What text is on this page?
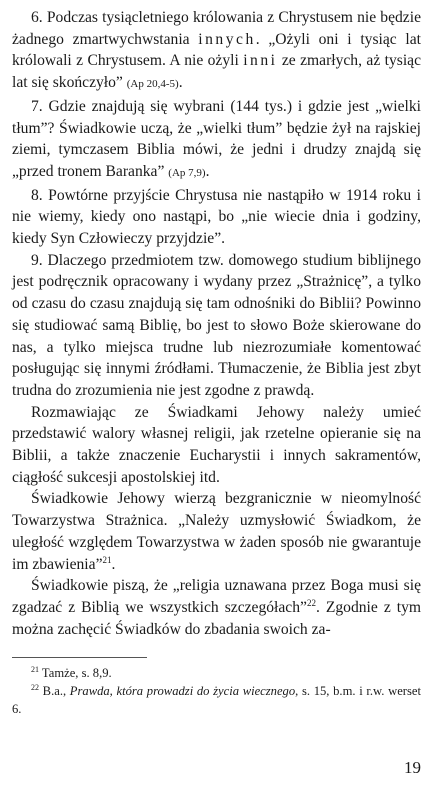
6. Podczas tysiącletniego królowania z Chrystusem nie będzie żadnego zmartwychwstania innych. „Ożyli oni i tysiąc lat królowali z Chrystusem. A nie ożyli inni ze zmarłych, aż tysiąc lat się skończyło” (Ap 20,4-5).

7. Gdzie znajdują się wybrani (144 tys.) i gdzie jest „wielki tłum”? Świadkowie uczą, że „wielki tłum” będzie żył na rajskiej ziemi, tymczasem Biblia mówi, że jedni i drudzy znajdą się „przed tronem Baranka” (Ap 7,9).

8. Powtórne przyjście Chrystusa nie nastąpiło w 1914 roku i nie wiemy, kiedy ono nastąpi, bo „nie wiecie dnia i godziny, kiedy Syn Człowieczy przyjdzie”.

9. Dlaczego przedmiotem tzw. domowego studium biblijnego jest podręcznik opracowany i wydany przez „Strażnicę”, a tylko od czasu do czasu znajdują się tam odnośniki do Biblii? Powinno się studiować samą Biblię, bo jest to słowo Boże skierowane do nas, a tylko miejsca trudne lub niezrozumiałe komentować posługując się innymi źródłami. Tłumaczenie, że Biblia jest zbyt trudna do zrozumienia nie jest zgodne z prawdą.

Rozmawiając ze Świadkami Jehowy należy umieć przedstawić walory własnej religii, jak rzetelne opieranie się na Biblii, a także znaczenie Eucharystii i innych sakramentów, ciągłość sukcesji apostolskiej itd.

Świadkowie Jehowy wierzą bezgranicznie w nieomylność Towarzystwa Strażnica. „Należy uzmysłowić Świadkom, że uległość względem Towarzystwa w żaden sposób nie gwarantuje im zbawienia”$^{21}$.

Świadkowie piszą, że „religia uznawana przez Boga musi się zgadzać z Biblią we wszystkich szczegółach”$^{22}$. Zgodnie z tym można zachęcić Świadków do zbadania swoich za-

$^{21}$ Tamże, s. 8,9.

$^{22}$ B.a., Prawda, która prowadzi do życia wiecznego, s. 15, b.m. i r.w. werset 6.

19
